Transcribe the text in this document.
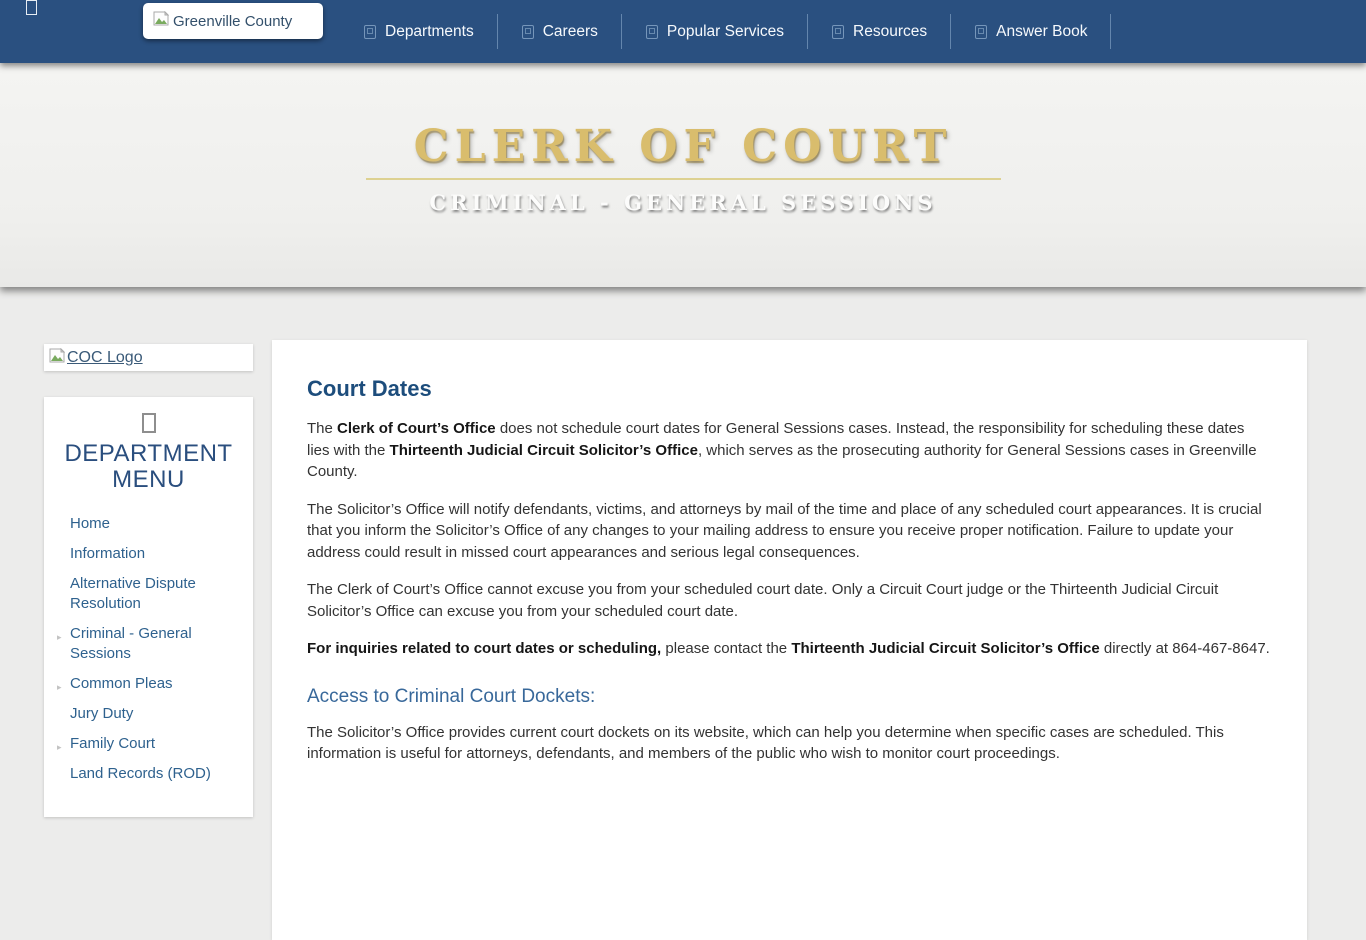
Departments	Careers	Popular Services	Resources	Answer Book
Greenville County
CLERK OF COURT
CRIMINAL - GENERAL SESSIONS
COC Logo
DEPARTMENT MENU
Home
Information
Alternative Dispute Resolution
▸ Criminal - General Sessions
▸ Common Pleas
Jury Duty
▸ Family Court
Land Records (ROD)
Court Dates

The Clerk of Court’s Office does not schedule court dates for General Sessions cases. Instead, the responsibility for scheduling these dates lies with the Thirteenth Judicial Circuit Solicitor’s Office, which serves as the prosecuting authority for General Sessions cases in Greenville County.

The Solicitor’s Office will notify defendants, victims, and attorneys by mail of the time and place of any scheduled court appearances. It is crucial that you inform the Solicitor’s Office of any changes to your mailing address to ensure you receive proper notification. Failure to update your address could result in missed court appearances and serious legal consequences.

The Clerk of Court’s Office cannot excuse you from your scheduled court date. Only a Circuit Court judge or the Thirteenth Judicial Circuit Solicitor’s Office can excuse you from your scheduled court date.

For inquiries related to court dates or scheduling, please contact the Thirteenth Judicial Circuit Solicitor’s Office directly at 864-467-8647.

Access to Criminal Court Dockets:

The Solicitor’s Office provides current court dockets on its website, which can help you determine when specific cases are scheduled. This information is useful for attorneys, defendants, and members of the public who wish to monitor court proceedings.
